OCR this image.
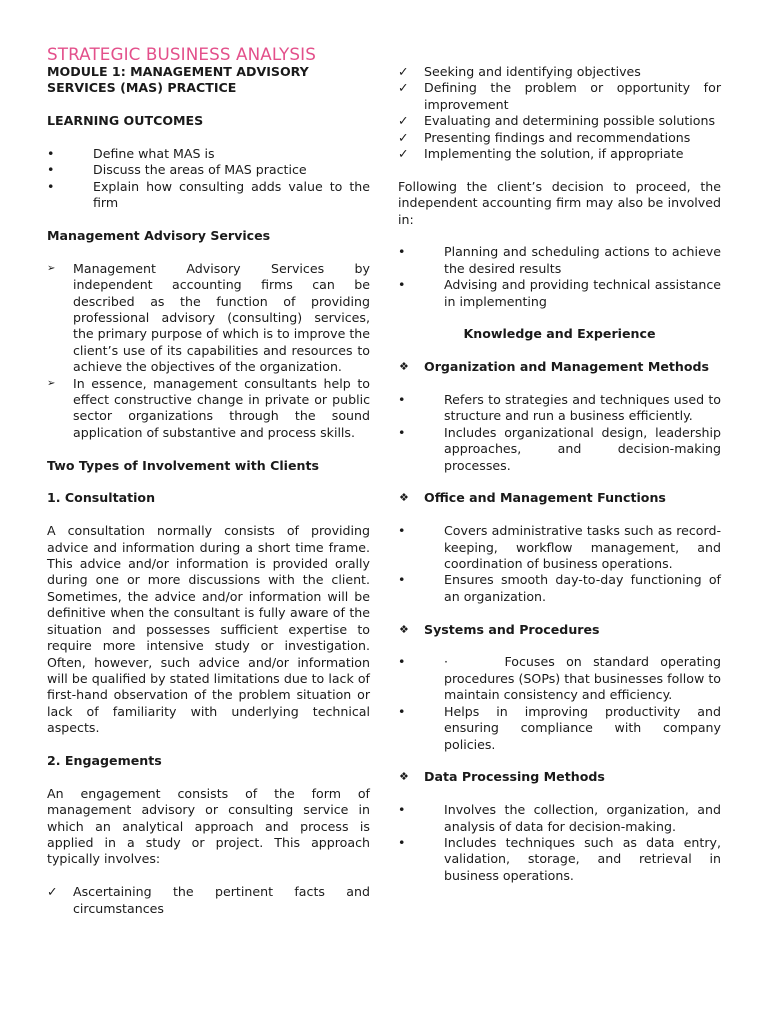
STRATEGIC BUSINESS ANALYSIS

MODULE 1: MANAGEMENT ADVISORY SERVICES (MAS) PRACTICE

LEARNING OUTCOMES

•	Define what MAS is
•	Discuss the areas of MAS practice
•	Explain how consulting adds value to the firm

Management Advisory Services

➢ Management Advisory Services by independent accounting firms can be described as the function of providing professional advisory (consulting) services, the primary purpose of which is to improve the client’s use of its capabilities and resources to achieve the objectives of the organization.
➢ In essence, management consultants help to effect constructive change in private or public sector organizations through the sound application of substantive and process skills.

Two Types of Involvement with Clients

1. Consultation

A consultation normally consists of providing advice and information during a short time frame. This advice and/or information is provided orally during one or more discussions with the client. Sometimes, the advice and/or information will be definitive when the consultant is fully aware of the situation and possesses sufficient expertise to require more intensive study or investigation. Often, however, such advice and/or information will be qualified by stated limitations due to lack of first-hand observation of the problem situation or lack of familiarity with underlying technical aspects.

2. Engagements

An engagement consists of the form of management advisory or consulting service in which an analytical approach and process is applied in a study or project. This approach typically involves:

✓ Ascertaining the pertinent facts and circumstances
✓ Seeking and identifying objectives
✓ Defining the problem or opportunity for improvement
✓ Evaluating and determining possible solutions
✓ Presenting findings and recommendations
✓ Implementing the solution, if appropriate

Following the client’s decision to proceed, the independent accounting firm may also be involved in:

•	Planning and scheduling actions to achieve the desired results
•	Advising and providing technical assistance in implementing

Knowledge and Experience

❖ Organization and Management Methods

•	Refers to strategies and techniques used to structure and run a business efficiently.
•	Includes organizational design, leadership approaches, and decision-making processes.

❖ Office and Management Functions

•	Covers administrative tasks such as record-keeping, workflow management, and coordination of business operations.
•	Ensures smooth day-to-day functioning of an organization.

❖ Systems and Procedures

•	·     Focuses on standard operating procedures (SOPs) that businesses follow to maintain consistency and efficiency.
•	Helps in improving productivity and ensuring compliance with company policies.

❖ Data Processing Methods

•	Involves the collection, organization, and analysis of data for decision-making.
•	Includes techniques such as data entry, validation, storage, and retrieval in business operations.
